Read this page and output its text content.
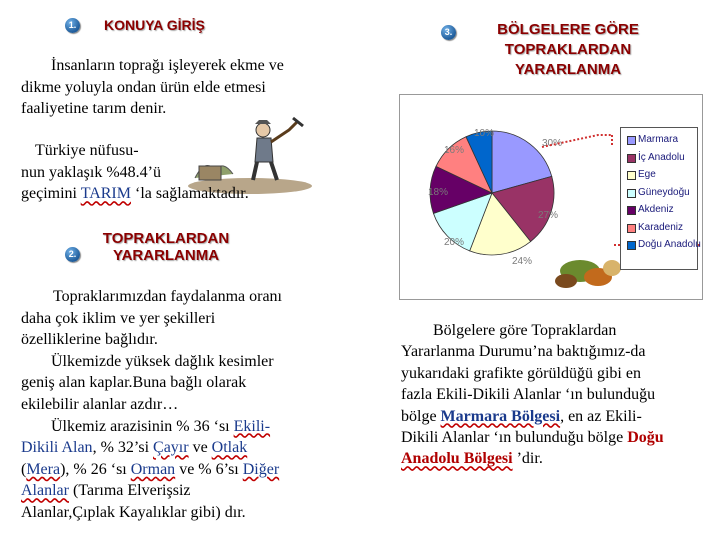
1. KONUYA GİRİŞ
İnsanların toprağı işleyerek ekme ve
dikme yoluyla ondan ürün elde etmesi
faaliyetine tarım denir.
Türkiye nüfusu-
nun yaklaşık %48.4’ü
geçimini TARIM ‘la sağlamaktadır.
2.
TOPRAKLARDAN
YARARLANMA
Topraklarımızdan faydalanma oranı
daha çok iklim ve yer şekilleri
özelliklerine bağlıdır.
Ülkemizde yüksek dağlık kesimler
geniş alan kaplar.Buna bağlı olarak
ekilebilir alanlar azdır…
Ülkemiz arazisinin % 36 ‘sı Ekili-
Dikili Alan, % 32’si Çayır ve Otlak
(Mera), % 26 ‘sı Orman ve % 6’sı Diğer
Alanlar (Tarıma Elverişsiz
Alanlar,Çıplak Kayalıklar gibi) dır.
3.	BÖLGELERE GÖRE
TOPRAKLARDAN
YARARLANMA
10%
30%
16%
18%
20%
24%
27%
Marmara
İç Anadolu
Ege
Güneydoğu
Akdeniz
Karadeniz
Doğu Anadolu
Bölgelere göre Topraklardan
Yararlanma Durumu’na baktığımız-da
yukarıdaki grafikte görüldüğü gibi en
fazla Ekili-Dikili Alanlar ‘ın bulunduğu
bölge Marmara Bölgesi, en az Ekili-
Dikili Alanlar ‘ın bulunduğu bölge Doğu
Anadolu Bölgesi ’dir.
